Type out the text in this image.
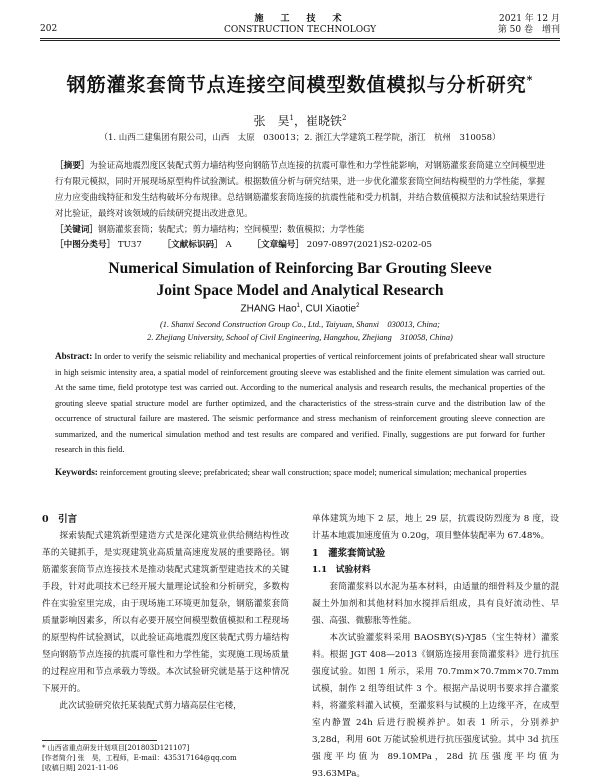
202
施　工　技　术
CONSTRUCTION TECHNOLOGY
2021 年 12 月
第 50 卷　增刊
钢筋灌浆套筒节点连接空间模型数值模拟与分析研究*
张　昊$^1$，崔晓铁$^2$
（1. 山西二建集团有限公司，山西　太原　030013；2. 浙江大学建筑工程学院，浙江　杭州　310058）
［摘要］为验证高地震烈度区装配式剪力墙结构竖向钢筋节点连接的抗震可靠性和力学性能影响，对钢筋灌浆套筒建立空间模型进行有限元模拟，同时开展现场原型构件试验测试。根据数值分析与研究结果，进一步优化灌浆套筒空间结构模型的力学性能，掌握应力应变曲线特征和发生结构破坏分布规律。总结钢筋灌浆套筒连接的抗震性能和受力机制，并结合数值模拟方法和试验结果进行对比验证，最终对该领域的后续研究提出改进意见。
［关键词］钢筋灌浆套筒；装配式；剪力墙结构；空间模型；数值模拟；力学性能
［中图分类号］ TU37 ［文献标识码］ A ［文章编号］ 2097-0897(2021)S2-0202-05
Numerical Simulation of Reinforcing Bar Grouting Sleeve
Joint Space Model and Analytical Research
ZHANG Hao$^1$, CUI Xiaotie$^2$
(1. Shanxi Second Construction Group Co., Ltd., Taiyuan, Shanxi　030013, China;
2. Zhejiang University, School of Civil Engineering, Hangzhou, Zhejiang　310058, China)
Abstract: In order to verify the seismic reliability and mechanical properties of vertical reinforcement joints of prefabricated shear wall structure in high seismic intensity area, a spatial model of reinforcement grouting sleeve was established and the finite element simulation was carried out. At the same time, field prototype test was carried out. According to the numerical analysis and research results, the mechanical properties of the grouting sleeve spatial structure model are further optimized, and the characteristics of the stress-strain curve and the distribution law of the occurrence of structural failure are mastered. The seismic performance and stress mechanism of reinforcement grouting sleeve connection are summarized, and the numerical simulation method and test results are compared and verified. Finally, suggestions are put forward for further research in this field.
Keywords: reinforcement grouting sleeve; prefabricated; shear wall construction; space model; numerical simulation; mechanical properties
0　引言
探索装配式建筑新型建造方式是深化建筑业供给侧结构性改革的关键抓手，是实现建筑业高质量高速度发展的重要路径。钢筋灌浆套筒节点连接技术是推动装配式建筑新型建造技术的关键手段，针对此项技术已经开展大量理论试验和分析研究，多数构件在实验室里完成，由于现场施工环境更加复杂，钢筋灌浆套筒质量影响因素多，所以有必要开展空间模型数值模拟和工程现场的原型构件试验测试，以此验证高地震烈度区装配式剪力墙结构竖向钢筋节点连接的抗震可靠性和力学性能，实现施工现场质量的过程应用和节点承载力等级。本次试验研究就是基于这种情况下展开的。
此次试验研究依托某装配式剪力墙高层住宅楼，
单体建筑为地下 2 层，地上 29 层，抗震设防烈度为 8 度，设计基本地震加速度值为 0.20g，项目整体装配率为 67.48%。
1　灌浆套筒试验
1.1　试验材料
套筒灌浆料以水泥为基本材料，由适量的细骨料及少量的混凝土外加剂和其他材料加水搅拌后组成，具有良好流动性、早强、高强、微膨胀等性能。
本次试验灌浆料采用 BAOSBY(S)-YJ85（宝生特材）灌浆料。根据 JGT 408—2013《钢筋连接用套筒灌浆料》进行抗压强度试验。如图 1 所示，采用 70.7mm×70.7mm×70.7mm 试模，制作 2 组等组试件 3 个。根据产品说明书要求拌合灌浆料，将灌浆料灌入试模，至灌浆料与试模的上边缘平齐，在成型室内静置 24h 后进行脱模养护。如表 1 所示，分别养护 3,28d，利用 60t 万能试验机进行抗压强度试验。其中 3d 抗压强度平均值为 89.10MPa，28d 抗压强度平均值为 93.63MPa。
* 山西省重点研发计划项目[201803D121107]
[作者简介] 张　昊，工程师，E-mail：435317164@qq.com
[收稿日期] 2021-11-06
